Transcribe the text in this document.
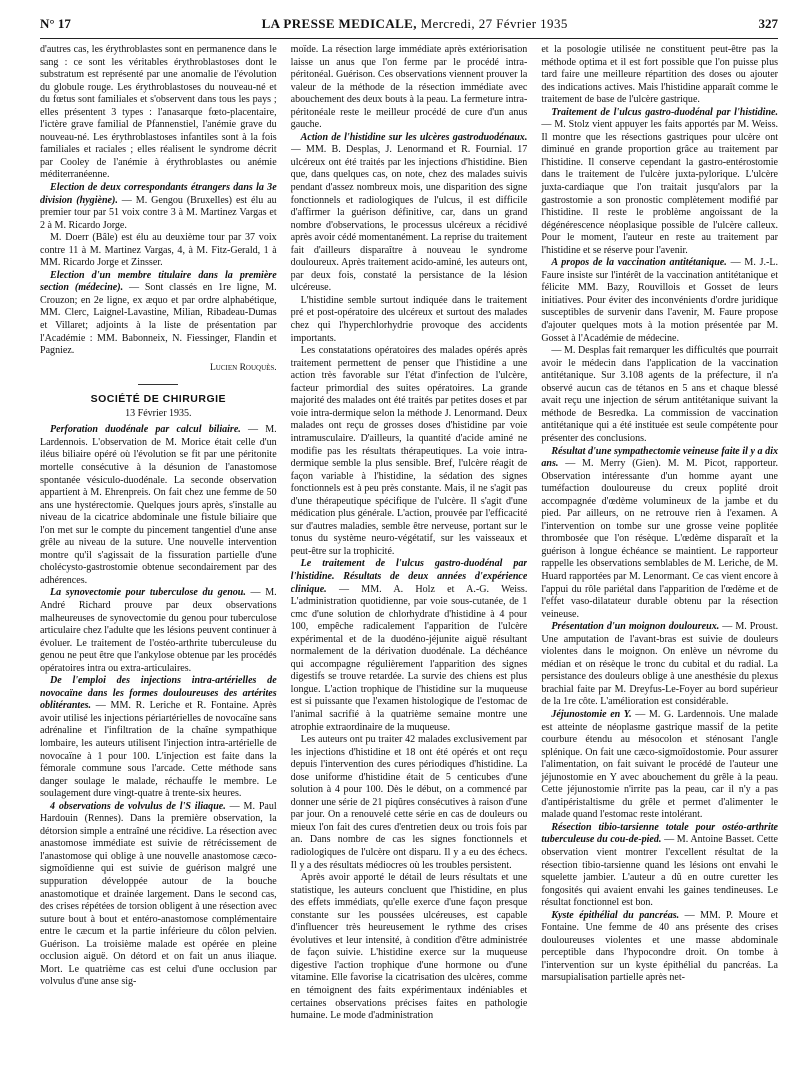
N° 17	LA PRESSE MEDICALE, Mercredi, 27 Février 1935	327

d'autres cas, les érythroblastes sont en permanence dans le sang : ce sont les véritables érythroblastoses dont le substratum est représenté par une anomalie de l'évolution du globule rouge. Les érythroblastoses du nouveau-né et du fœtus sont familiales et s'observent dans tous les pays ; elles présentent 3 types : l'anasarque fœto-placentaire, l'ictère grave familial de Pfannenstiel, l'anémie grave du nouveau-né. Les érythroblastoses infantiles sont à la fois familiales et raciales ; elles réalisent le syndrome décrit par Cooley de l'anémie à érythroblastes ou anémie méditerranéenne.

Election de deux correspondants étrangers dans la 3e division (hygiène). — M. Gengou (Bruxelles) est élu au premier tour par 51 voix contre 3 à M. Martinez Vargas et 2 à M. Ricardo Jorge.

M. Doerr (Bâle) est élu au deuxième tour par 37 voix contre 11 à M. Martinez Vargas, 4, à M. Fitz-Gerald, 1 à MM. Ricardo Jorge et Zinsser.

Election d'un membre titulaire dans la première section (médecine). — Sont classés en 1re ligne, M. Crouzon; en 2e ligne, ex æquo et par ordre alphabétique, MM. Clerc, Laignel-Lavastine, Milian, Ribadeau-Dumas et Villaret; adjoints à la liste de présentation par l'Académie : MM. Babonneix, N. Fiessinger, Flandin et Pagniez.

Lucien Rouquès.
SOCIÉTÉ DE CHIRURGIE
13 Février 1935.

Perforation duodénale par calcul biliaire. — M. Lardennois. L'observation de M. Morice était celle d'un iléus biliaire opéré où l'évolution se fit par une péritonite mortelle consécutive à la désunion de l'anastomose spontanée vésiculo-duodénale. La seconde observation appartient à M. Ehrenpreis. On fait chez une femme de 50 ans une hystérectomie. Quelques jours après, s'installe au niveau de la cicatrice abdominale une fistule biliaire que l'on met sur le compte du pincement tangentiel d'une anse grêle au niveau de la suture. Une nouvelle intervention montre qu'il s'agissait de la fissuration partielle d'une cholécysto-gastrostomie obtenue secondairement par des adhérences.

La synovectomie pour tuberculose du genou. — M. André Richard prouve par deux observations malheureuses de synovectomie du genou pour tuberculose articulaire chez l'adulte que les lésions peuvent continuer à évoluer. Le traitement de l'ostéo-arthrite tuberculeuse du genou ne peut être que l'ankylose obtenue par les procédés opératoires intra ou extra-articulaires.

De l'emploi des injections intra-artérielles de novocaïne dans les formes douloureuses des artérites oblitérantes. — MM. R. Leriche et R. Fontaine. Après avoir utilisé les injections périartérielles de novocaïne sans adrénaline et l'infiltration de la chaîne sympathique lombaire, les auteurs utilisent l'injection intra-artérielle de novocaïne à 1 pour 100. L'injection est faite dans la fémorale commune sous l'arcade. Cette méthode sans danger soulage le malade, réchauffe le membre. Le soulagement dure vingt-quatre à trente-six heures.

4 observations de volvulus de l'S iliaque. — M. Paul Hardouin (Rennes). Dans la première observation, la détorsion simple a entraîné une récidive. La résection avec anastomose immédiate est suivie de rétrécissement de l'anastomose qui oblige à une nouvelle anastomose cæco-sigmoïdienne qui est suivie de guérison malgré une suppuration développée autour de la bouche anastomotique et drainée largement. Dans le second cas, des crises répétées de torsion obligent à une résection avec suture bout à bout et entéro-anastomose complémentaire entre le cæcum et la partie inférieure du côlon pelvien. Guérison. La troisième malade est opérée en pleine occlusion aiguë. On détord et on fait un anus iliaque. Mort. Le quatrième cas est celui d'une occlusion par volvulus d'une anse sig-

moïde. La résection large immédiate après extériorisation laisse un anus que l'on ferme par le procédé intra-péritonéal. Guérison. Ces observations viennent prouver la valeur de la méthode de la résection immédiate avec abouchement des deux bouts à la peau. La fermeture intra-péritonéale reste le meilleur procédé de cure d'un anus gauche.

Action de l'histidine sur les ulcères gastroduodénaux. — MM. B. Desplas, J. Lenormand et R. Fournial. 17 ulcéreux ont été traités par les injections d'histidine. Bien que, dans quelques cas, on note, chez des malades suivis pendant d'assez nombreux mois, une disparition des signe fonctionnels et radiologiques de l'ulcus, il est difficile d'affirmer la guérison définitive, car, dans un grand nombre d'observations, le processus ulcéreux a récidivé après avoir cédé momentanément. La reprise du traitement fait d'ailleurs disparaître à nouveau le syndrome douloureux. Après traitement acido-aminé, les auteurs ont, par deux fois, constaté la persistance de la lésion ulcéreuse.

L'histidine semble surtout indiquée dans le traitement pré et post-opératoire des ulcéreux et surtout des malades chez qui l'hyperchlorhydrie provoque des accidents importants.

Les constatations opératoires des malades opérés après traitement permettent de penser que l'histidine a une action très favorable sur l'état d'infection de l'ulcère, facteur primordial des suites opératoires. La grande majorité des malades ont été traités par petites doses et par voie intra-dermique selon la méthode J. Lenormand. Deux malades ont reçu de grosses doses d'histidine par voie intramusculaire. D'ailleurs, la quantité d'acide aminé ne modifie pas les résultats thérapeutiques. La voie intra-dermique semble la plus sensible. Bref, l'ulcère réagit de façon variable à l'histidine, la sédation des signes fonctionnels est à peu près constante. Mais, il ne s'agit pas d'une thérapeutique spécifique de l'ulcère. Il s'agit d'une médication plus générale. L'action, prouvée par l'efficacité sur d'autres maladies, semble être nerveuse, portant sur le tonus du système neuro-végétatif, sur les vaisseaux et peut-être sur la trophicité.

Le traitement de l'ulcus gastro-duodénal par l'histidine. Résultats de deux années d'expérience clinique. — MM. A. Holz et A.-G. Weiss. L'administration quotidienne, par voie sous-cutanée, de 1 cmc d'une solution de chlorhydrate d'histidine à 4 pour 100, empêche radicalement l'apparition de l'ulcère expérimental et de la duodéno-jéjunite aiguë résultant normalement de la dérivation duodénale. La déchéance qui accompagne régulièrement l'apparition des signes digestifs se trouve retardée. La survie des chiens est plus longue. L'action trophique de l'histidine sur la muqueuse est si puissante que l'examen histologique de l'estomac de l'animal sacrifié à la quatrième semaine montre une atrophie extraordinaire de la muqueuse.

Les auteurs ont pu traiter 42 malades exclusivement par les injections d'histidine et 18 ont été opérés et ont reçu depuis l'intervention des cures périodiques d'histidine. La dose uniforme d'histidine était de 5 centicubes d'une solution à 4 pour 100. Dès le début, on a commencé par donner une série de 21 piqûres consécutives à raison d'une par jour. On a renouvelé cette série en cas de douleurs ou mieux l'on fait des cures d'entretien deux ou trois fois par an. Dans nombre de cas les signes fonctionnels et radiologiques de l'ulcère ont disparu. Il y a eu des échecs. Il y a des résultats médiocres où les troubles persistent.

Après avoir apporté le détail de leurs résultats et une statistique, les auteurs concluent que l'histidine, en plus des effets immédiats, qu'elle exerce d'une façon presque constante sur les poussées ulcéreuses, est capable d'influencer très heureusement le rythme des crises évolutives et leur intensité, à condition d'être administrée de façon suivie. L'histidine exerce sur la muqueuse digestive l'action trophique d'une hormone ou d'une vitamine. Elle favorise la cicatrisation des ulcères, comme en témoignent des faits expérimentaux indéniables et certaines observations précises faites en pathologie humaine. Le mode d'administration

et la posologie utilisée ne constituent peut-être pas la méthode optima et il est fort possible que l'on puisse plus tard faire une meilleure répartition des doses ou ajouter des indications actives. Mais l'histidine apparaît comme le traitement de base de l'ulcère gastrique.

Traitement de l'ulcus gastro-duodénal par l'histidine. — M. Stolz vient appuyer les faits apportés par M. Weiss. Il montre que les résections gastriques pour ulcère ont diminué en grande proportion grâce au traitement par l'histidine. Il conserve cependant la gastro-entérostomie dans le traitement de l'ulcère juxta-pylorique. L'ulcère juxta-cardiaque que l'on traitait jusqu'alors par la gastrostomie a son pronostic complètement modifié par l'histidine. Il reste le problème angoissant de la dégénérescence néoplasique possible de l'ulcère calleux. Pour le moment, l'auteur en reste au traitement par l'histidine et se réserve pour l'avenir.

A propos de la vaccination antitétanique. — M. J.-L. Faure insiste sur l'intérêt de la vaccination antitétanique et félicite MM. Bazy, Rouvillois et Gosset de leurs initiatives. Pour éviter des inconvénients d'ordre juridique susceptibles de survenir dans l'avenir, M. Faure propose d'ajouter quelques mots à la motion présentée par M. Gosset à l'Académie de médecine.

— M. Desplas fait remarquer les difficultés que pourrait avoir le médecin dans l'application de la vaccination antitétanique. Sur 3.108 agents de la préfecture, il n'a observé aucun cas de tétanos en 5 ans et chaque blessé avait reçu une injection de sérum antitétanique suivant la méthode de Besredka. La commission de vaccination antitétanique qui a été instituée est seule compétente pour présenter des conclusions.

Résultat d'une sympathectomie veineuse faite il y a dix ans. — M. Merry (Gien). M. M. Picot, rapporteur. Observation intéressante d'un homme ayant une tuméfaction douloureuse du creux poplité droit accompagnée d'œdème volumineux de la jambe et du pied. Par ailleurs, on ne retrouve rien à l'examen. A l'intervention on tombe sur une grosse veine poplitée thrombosée que l'on résèque. L'œdème disparaît et la guérison à longue échéance se maintient. Le rapporteur rappelle les observations semblables de M. Leriche, de M. Huard rapportées par M. Lenormant. Ce cas vient encore à l'appui du rôle pariétal dans l'apparition de l'œdème et de l'effet vaso-dilatateur durable obtenu par la résection veineuse.

Présentation d'un moignon douloureux. — M. Proust. Une amputation de l'avant-bras est suivie de douleurs violentes dans le moignon. On enlève un névrome du médian et on résèque le tronc du cubital et du radial. La persistance des douleurs oblige à une anesthésie du plexus brachial faite par M. Dreyfus-Le-Foyer au bord supérieur de la 1re côte. L'amélioration est considérable.

Jéjunostomie en Y. — M. G. Lardennois. Une malade est atteinte de néoplasme gastrique massif de la petite courbure étendu au mésocolon et sténosant l'angle splénique. On fait une cæco-sigmoïdostomie. Pour assurer l'alimentation, on fait suivant le procédé de l'auteur une jéjunostomie en Y avec abouchement du grêle à la peau. Cette jéjunostomie n'irrite pas la peau, car il n'y a pas d'antipéristaltisme du grêle et permet d'alimenter le malade quand l'estomac reste intolérant.

Résection tibio-tarsienne totale pour ostéo-arthrite tuberculeuse du cou-de-pied. — M. Antoine Basset. Cette observation vient montrer l'excellent résultat de la résection tibio-tarsienne quand les lésions ont envahi le squelette jambier. L'auteur a dû en outre curetter les fongosités qui avaient envahi les gaines tendineuses. Le résultat fonctionnel est bon.

Kyste épithélial du pancréas. — MM. P. Moure et Fontaine. Une femme de 40 ans présente des crises douloureuses violentes et une masse abdominale perceptible dans l'hypocondre droit. On tombe à l'intervention sur un kyste épithélial du pancréas. La marsupialisation partielle après net-
